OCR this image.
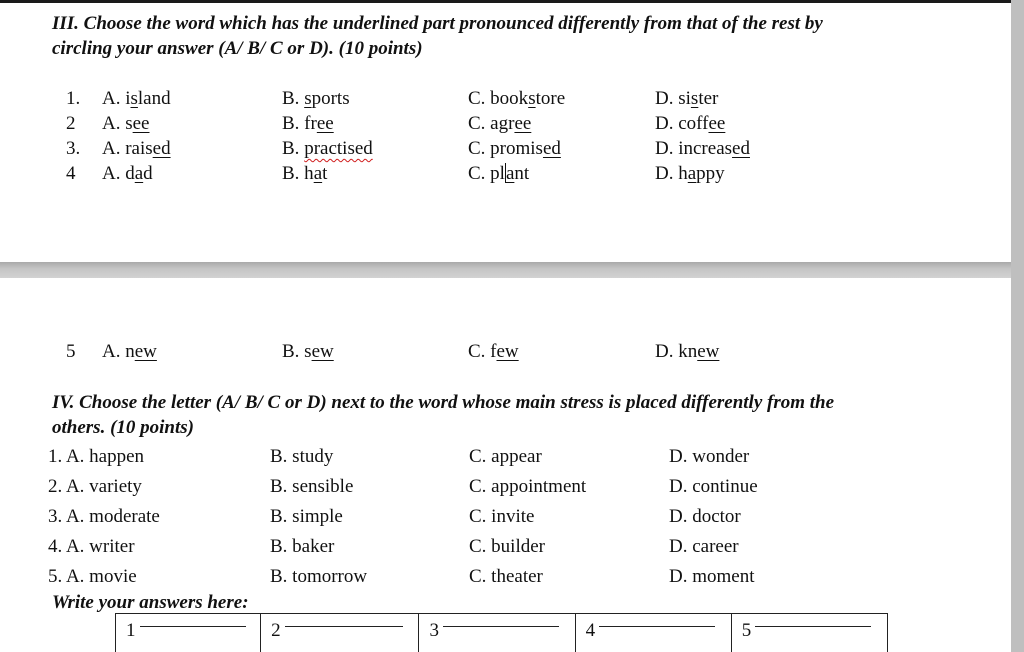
III. Choose the word which has the underlined part pronounced differently from that of the rest by
circling your answer (A/ B/ C or D). (10 points)

1. A. island	B. sports	C. bookstore	D. sister
2 A. see	B. free	C. agree	D. coffee
3. A. raised	B. practised	C. promised	D. increased
4 A. dad	B. hat	C. plant	D. happy
5 A. new	B. sew	C. few	D. knew

IV. Choose the letter (A/ B/ C or D) next to the word whose main stress is placed differently from the
others. (10 points)

1. A. happen	B. study	C. appear	D. wonder
2. A. variety	B. sensible	C. appointment	D. continue
3. A. moderate	B. simple	C. invite	D. doctor
4. A. writer	B. baker	C. builder	D. career
5. A. movie	B. tomorrow	C. theater	D. moment
Write your answers here:
1	2	3	4	5
